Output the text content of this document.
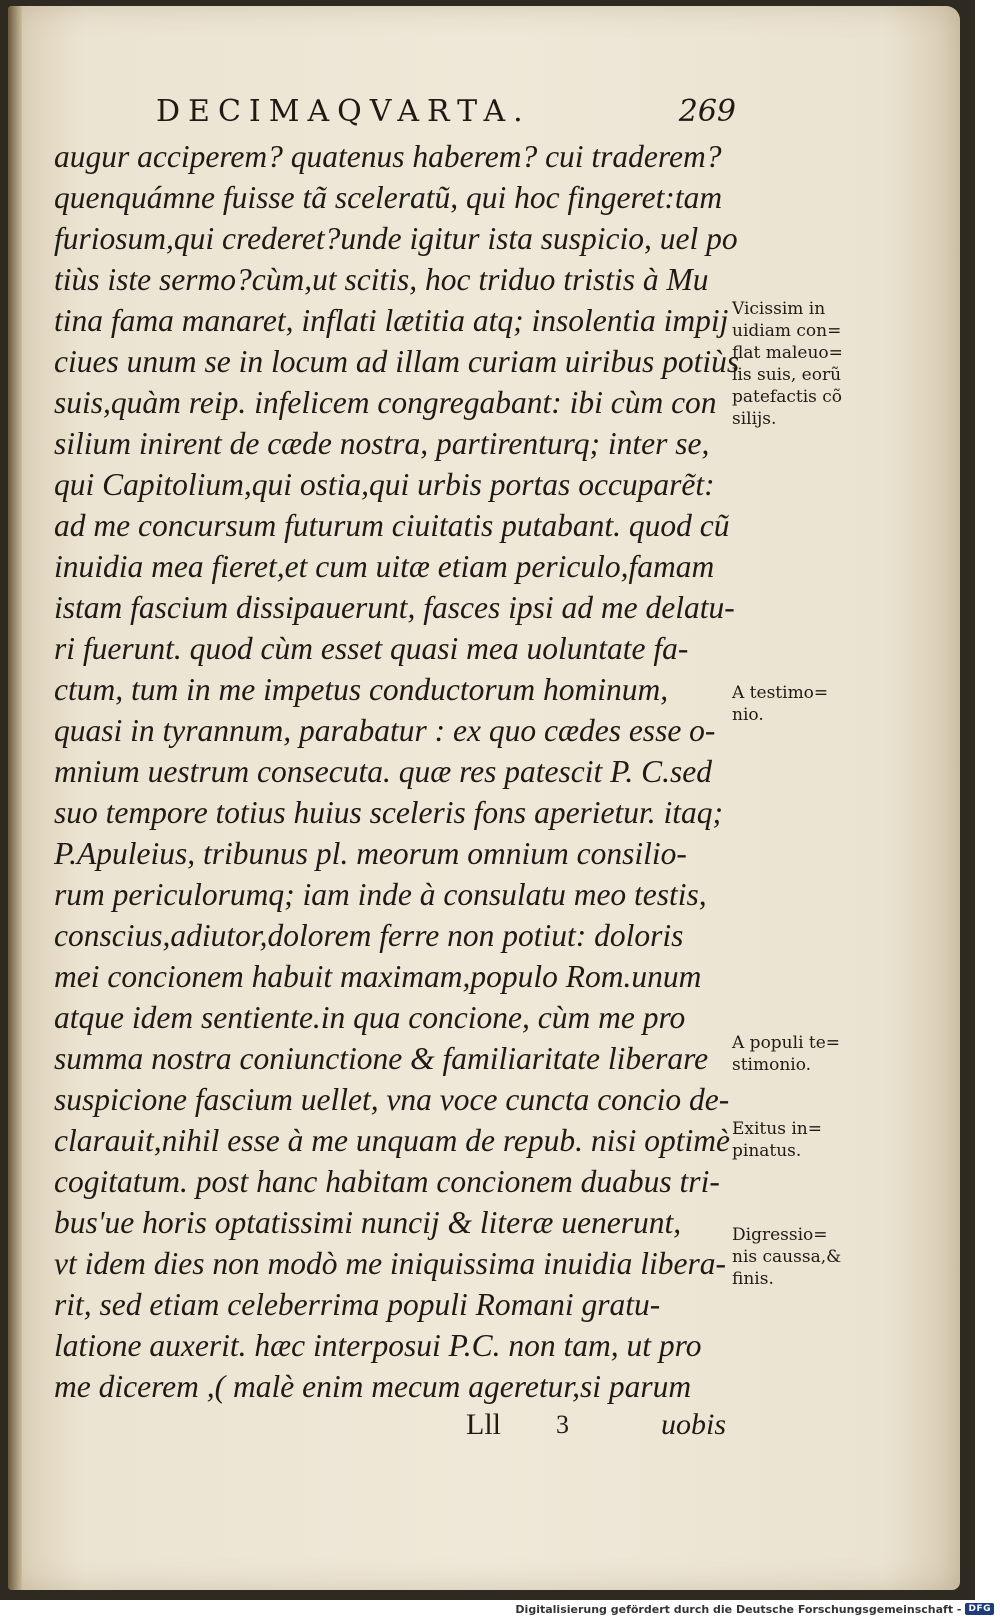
DECIMAQVARTA.	269
augur acciperem? quatenus haberem? cui traderem?
quenquámne fuisse tã sceleratũ, qui hoc fingeret:tam
furiosum,qui crederet?unde igitur ista suspicio, uel po
tiùs iste sermo?cùm,ut scitis, hoc triduo tristis à Mu
tina fama manaret, inflati lætitia atq; insolentia impij
ciues unum se in locum ad illam curiam uiribus potiùs
suis,quàm reip. infelicem congregabant: ibi cùm con
silium inirent de cæde nostra, partirenturq; inter se,
qui Capitolium,qui ostia,qui urbis portas occuparẽt:
ad me concursum futurum ciuitatis putabant. quod cũ
inuidia mea fieret,et cum uitæ etiam periculo,famam
istam fascium dissipauerunt, fasces ipsi ad me delatu-
ri fuerunt. quod cùm esset quasi mea uoluntate fa-
ctum, tum in me impetus conductorum hominum,
quasi in tyrannum, parabatur : ex quo cædes esse o-
mnium uestrum consecuta. quæ res patescit P. C.sed
suo tempore totius huius sceleris fons aperietur. itaq;
P.Apuleius, tribunus pl. meorum omnium consilio-
rum periculorumq; iam inde à consulatu meo testis,
conscius,adiutor,dolorem ferre non potiut: doloris
mei concionem habuit maximam,populo Rom.unum
atque idem sentiente.in qua concione, cùm me pro
summa nostra coniunctione & familiaritate liberare
suspicione fascium uellet, vna voce cuncta concio de-
clarauit,nihil esse à me unquam de repub. nisi optimè
cogitatum. post hanc habitam concionem duabus tri-
bus'ue horis optatissimi nuncij & literæ uenerunt,
vt idem dies non modò me iniquissima inuidia libera-
rit, sed etiam celeberrima populi Romani gratu-
latione auxerit. hæc interposui P.C. non tam, ut pro
me dicerem ,( malè enim mecum ageretur,si parum
Vicissim in
uidiam con=
flat maleuo=
lis suis, eorũ
patefactis cõ
silijs.
A testimo=
nio.
A populi te=
stimonio.
Exitus in=
pinatus.
Digressio=
nis caussa,&
finis.
Lll 3	uobis
Digitalisierung gefördert durch die Deutsche Forschungsgemeinschaft - DFG
